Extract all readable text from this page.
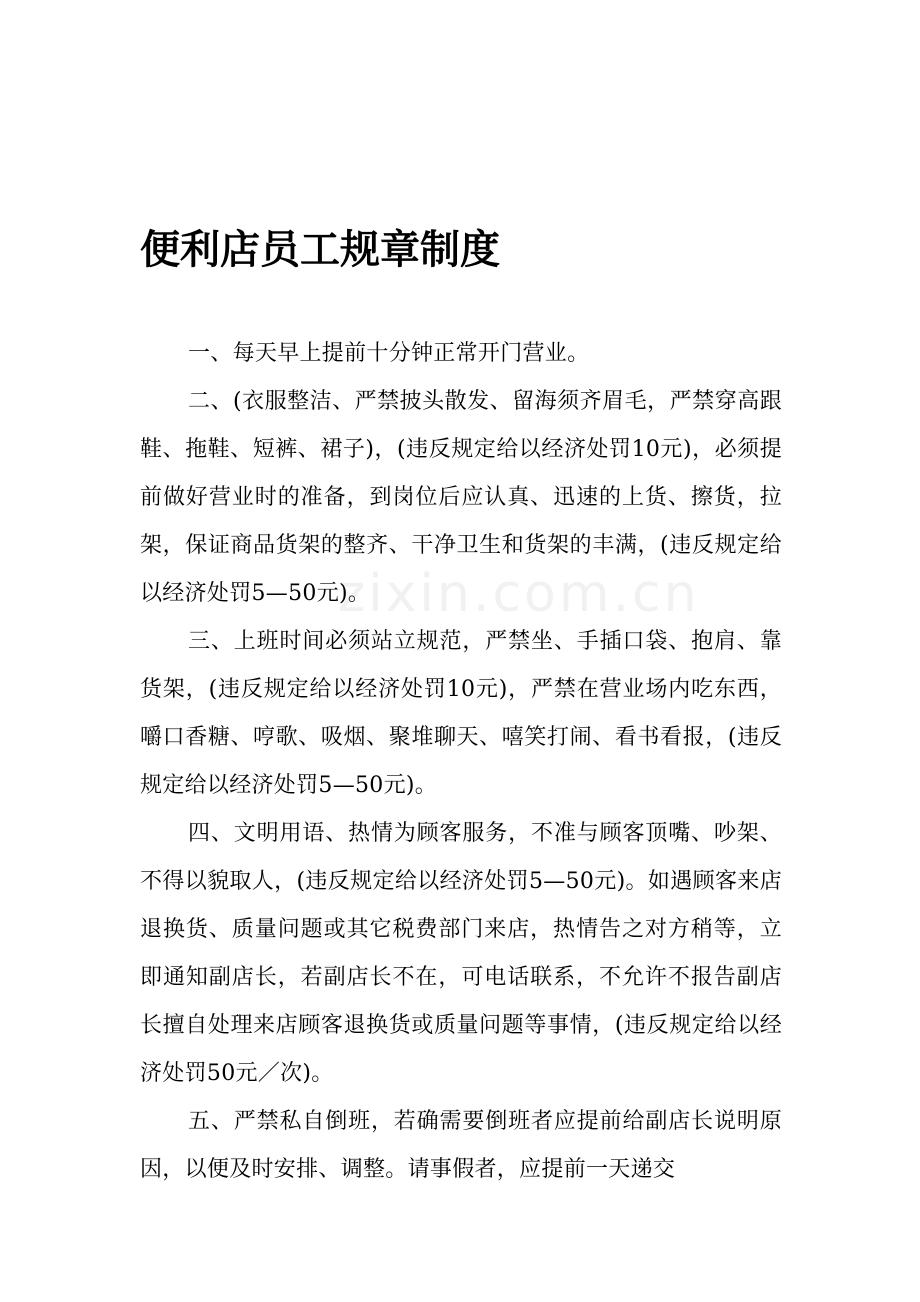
zixin.com.cn
便利店员工规章制度

一、每天早上提前十分钟正常开门营业。

二、(衣服整洁、严禁披头散发、留海须齐眉毛，严禁穿高跟鞋、拖鞋、短裤、裙子)，(违反规定给以经济处罚10元)，必须提前做好营业时的准备，到岗位后应认真、迅速的上货、擦货，拉架，保证商品货架的整齐、干净卫生和货架的丰满，(违反规定给以经济处罚5—50元)。

三、上班时间必须站立规范，严禁坐、手插口袋、抱肩、靠货架，(违反规定给以经济处罚10元)，严禁在营业场内吃东西，嚼口香糖、哼歌、吸烟、聚堆聊天、嘻笑打闹、看书看报，(违反规定给以经济处罚5—50元)。

四、文明用语、热情为顾客服务，不准与顾客顶嘴、吵架、不得以貌取人，(违反规定给以经济处罚5—50元)。如遇顾客来店退换货、质量问题或其它税费部门来店，热情告之对方稍等，立即通知副店长，若副店长不在，可电话联系，不允许不报告副店长擅自处理来店顾客退换货或质量问题等事情，(违反规定给以经济处罚50元／次)。

五、严禁私自倒班，若确需要倒班者应提前给副店长说明原因，以便及时安排、调整。请事假者，应提前一天递交
